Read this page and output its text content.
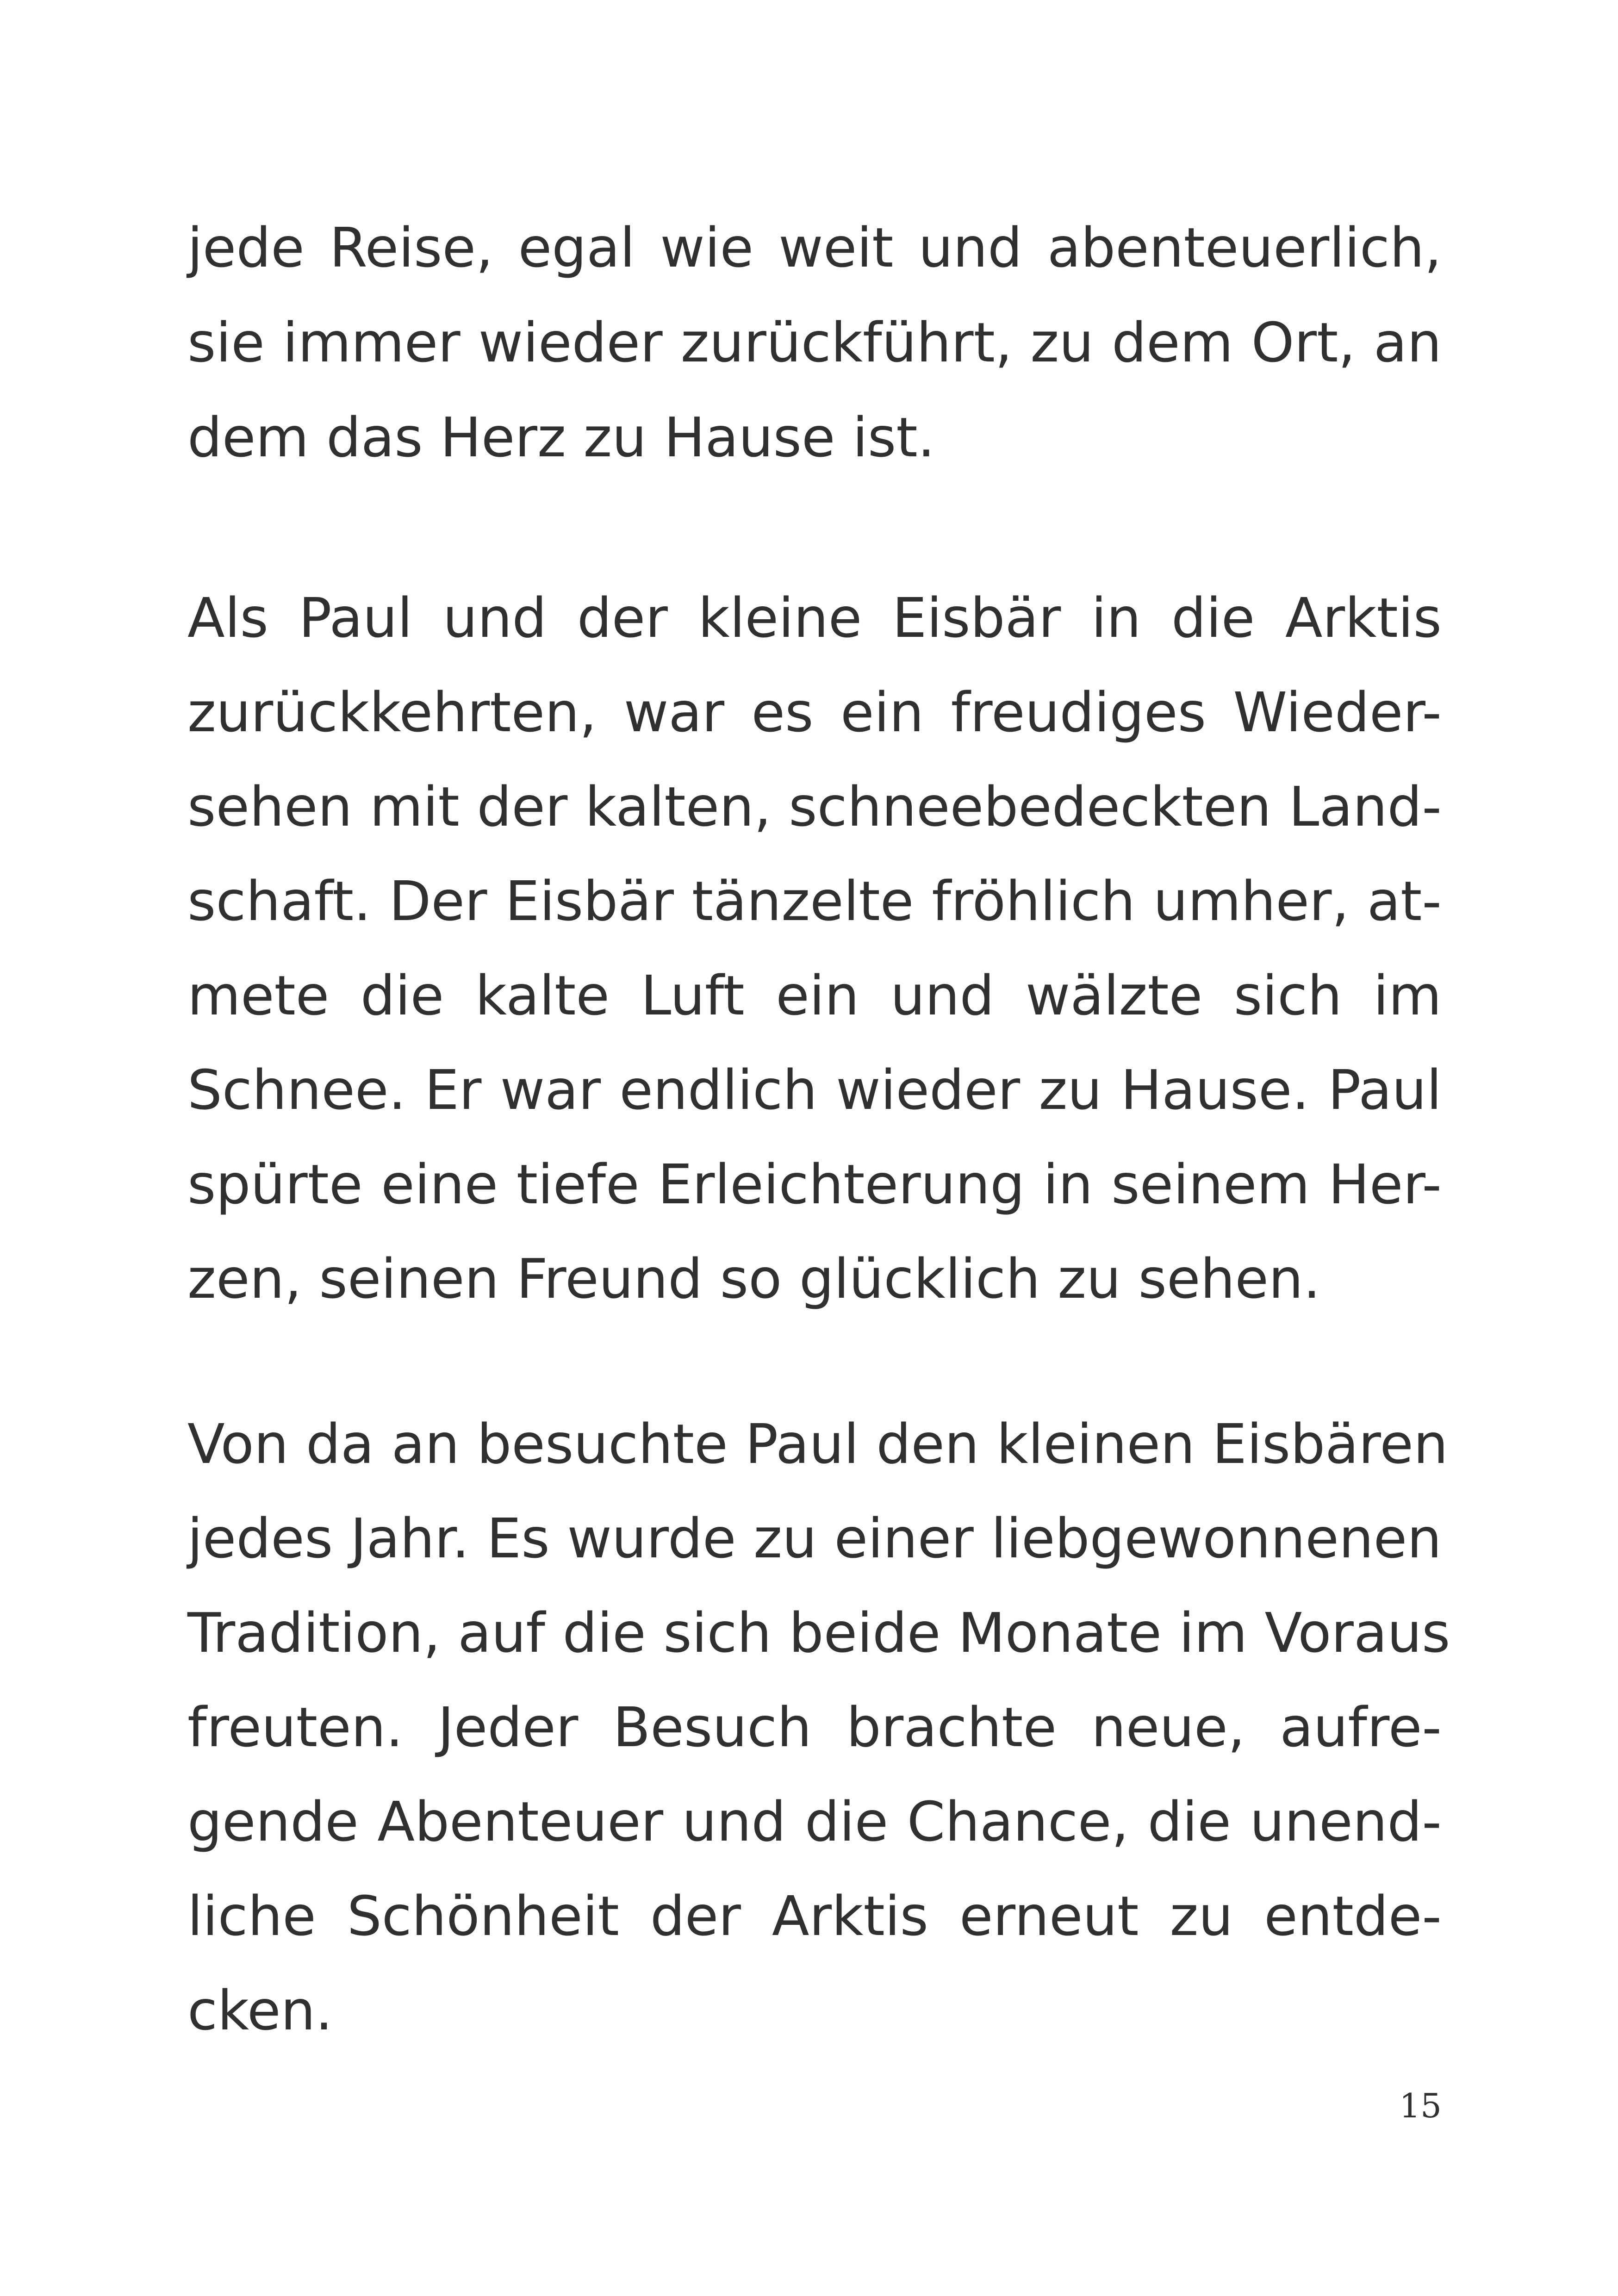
jede Reise, egal wie weit und abenteuerlich,
sie immer wieder zurückführt, zu dem Ort, an
dem das Herz zu Hause ist.
Als Paul und der kleine Eisbär in die Arktis
zurückkehrten, war es ein freudiges Wieder-
sehen mit der kalten, schneebedeckten Land-
schaft. Der Eisbär tänzelte fröhlich umher, at-
mete die kalte Luft ein und wälzte sich im
Schnee. Er war endlich wieder zu Hause. Paul
spürte eine tiefe Erleichterung in seinem Her-
zen, seinen Freund so glücklich zu sehen.
Von da an besuchte Paul den kleinen Eisbären
jedes Jahr. Es wurde zu einer liebgewonnenen
Tradition, auf die sich beide Monate im Voraus
freuten. Jeder Besuch brachte neue, aufre-
gende Abenteuer und die Chance, die unend-
liche Schönheit der Arktis erneut zu entde-
cken.
15
